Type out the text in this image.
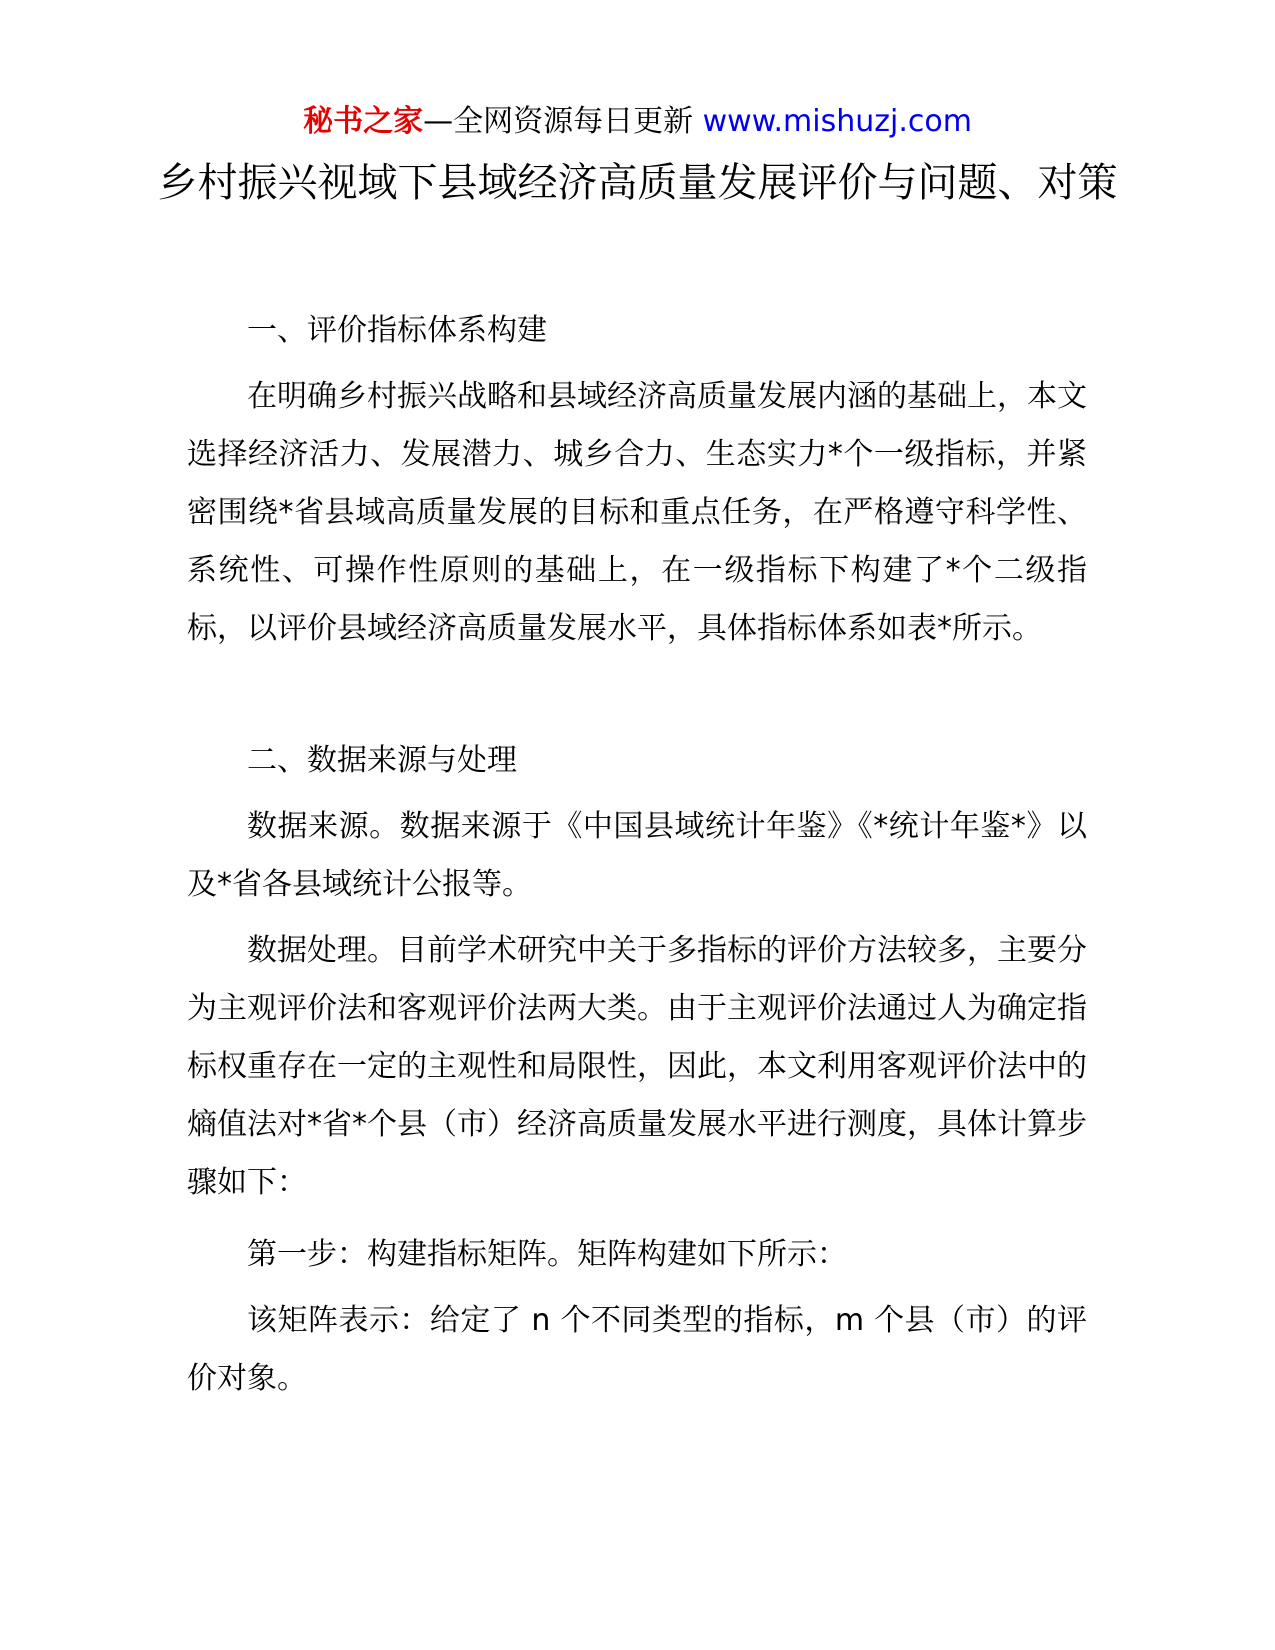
秘书之家—全网资源每日更新 www.mishuzj.com
乡村振兴视域下县域经济高质量发展评价与问题、对策

一、评价指标体系构建

在明确乡村振兴战略和县域经济高质量发展内涵的基础上，本文选择经济活力、发展潜力、城乡合力、生态实力*个一级指标，并紧密围绕*省县域高质量发展的目标和重点任务，在严格遵守科学性、系统性、可操作性原则的基础上，在一级指标下构建了*个二级指标，以评价县域经济高质量发展水平，具体指标体系如表*所示。

二、数据来源与处理

数据来源。数据来源于《中国县域统计年鉴》《*统计年鉴*》以及*省各县域统计公报等。

数据处理。目前学术研究中关于多指标的评价方法较多，主要分为主观评价法和客观评价法两大类。由于主观评价法通过人为确定指标权重存在一定的主观性和局限性，因此，本文利用客观评价法中的熵值法对*省*个县（市）经济高质量发展水平进行测度，具体计算步骤如下：

第一步：构建指标矩阵。矩阵构建如下所示：

该矩阵表示：给定了 n 个不同类型的指标，m 个县（市）的评价对象。
